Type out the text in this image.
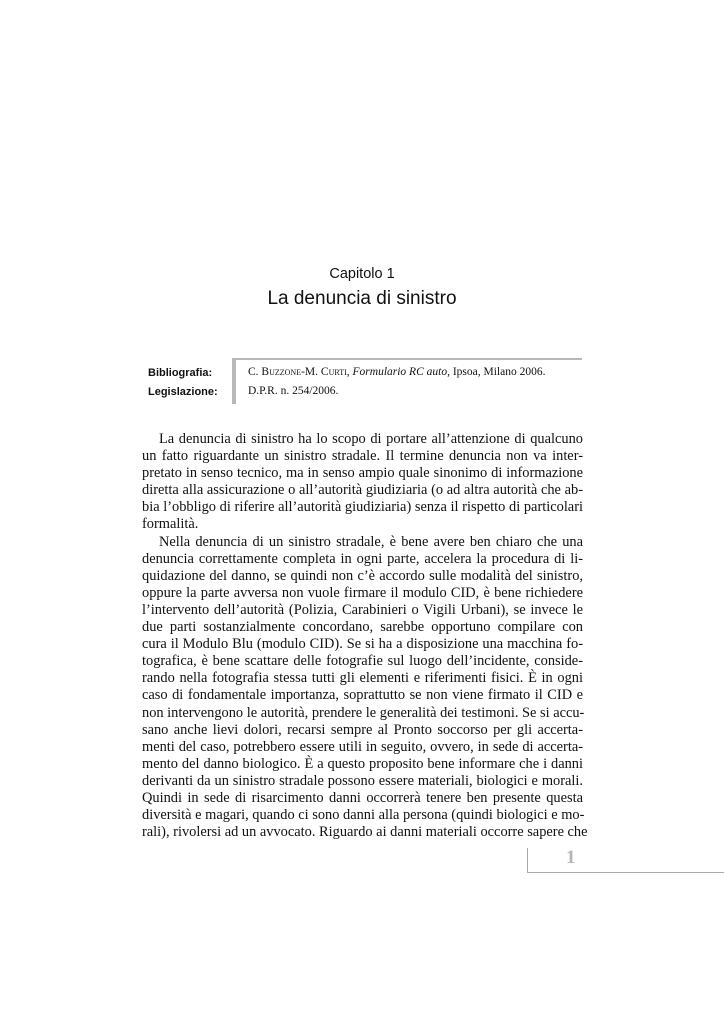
Capitolo 1
La denuncia di sinistro
Bibliografia:	C. Buzzone-M. Curti, Formulario RC auto, Ipsoa, Milano 2006.
Legislazione:	D.P.R. n. 254/2006.
La denuncia di sinistro ha lo scopo di portare all’attenzione di qualcuno
un fatto riguardante un sinistro stradale. Il termine denuncia non va inter-
pretato in senso tecnico, ma in senso ampio quale sinonimo di informazione
diretta alla assicurazione o all’autorità giudiziaria (o ad altra autorità che ab-
bia l’obbligo di riferire all’autorità giudiziaria) senza il rispetto di particolari
formalità.
Nella denuncia di un sinistro stradale, è bene avere ben chiaro che una
denuncia correttamente completa in ogni parte, accelera la procedura di li-
quidazione del danno, se quindi non c’è accordo sulle modalità del sinistro,
oppure la parte avversa non vuole firmare il modulo CID, è bene richiedere
l’intervento dell’autorità (Polizia, Carabinieri o Vigili Urbani), se invece le
due parti sostanzialmente concordano, sarebbe opportuno compilare con
cura il Modulo Blu (modulo CID). Se si ha a disposizione una macchina fo-
tografica, è bene scattare delle fotografie sul luogo dell’incidente, conside-
rando nella fotografia stessa tutti gli elementi e riferimenti fisici. È in ogni
caso di fondamentale importanza, soprattutto se non viene firmato il CID e
non intervengono le autorità, prendere le generalità dei testimoni. Se si accu-
sano anche lievi dolori, recarsi sempre al Pronto soccorso per gli accerta-
menti del caso, potrebbero essere utili in seguito, ovvero, in sede di accerta-
mento del danno biologico. È a questo proposito bene informare che i danni
derivanti da un sinistro stradale possono essere materiali, biologici e morali.
Quindi in sede di risarcimento danni occorrerà tenere ben presente questa
diversità e magari, quando ci sono danni alla persona (quindi biologici e mo-
rali), rivolersi ad un avvocato. Riguardo ai danni materiali occorre sapere che
1
